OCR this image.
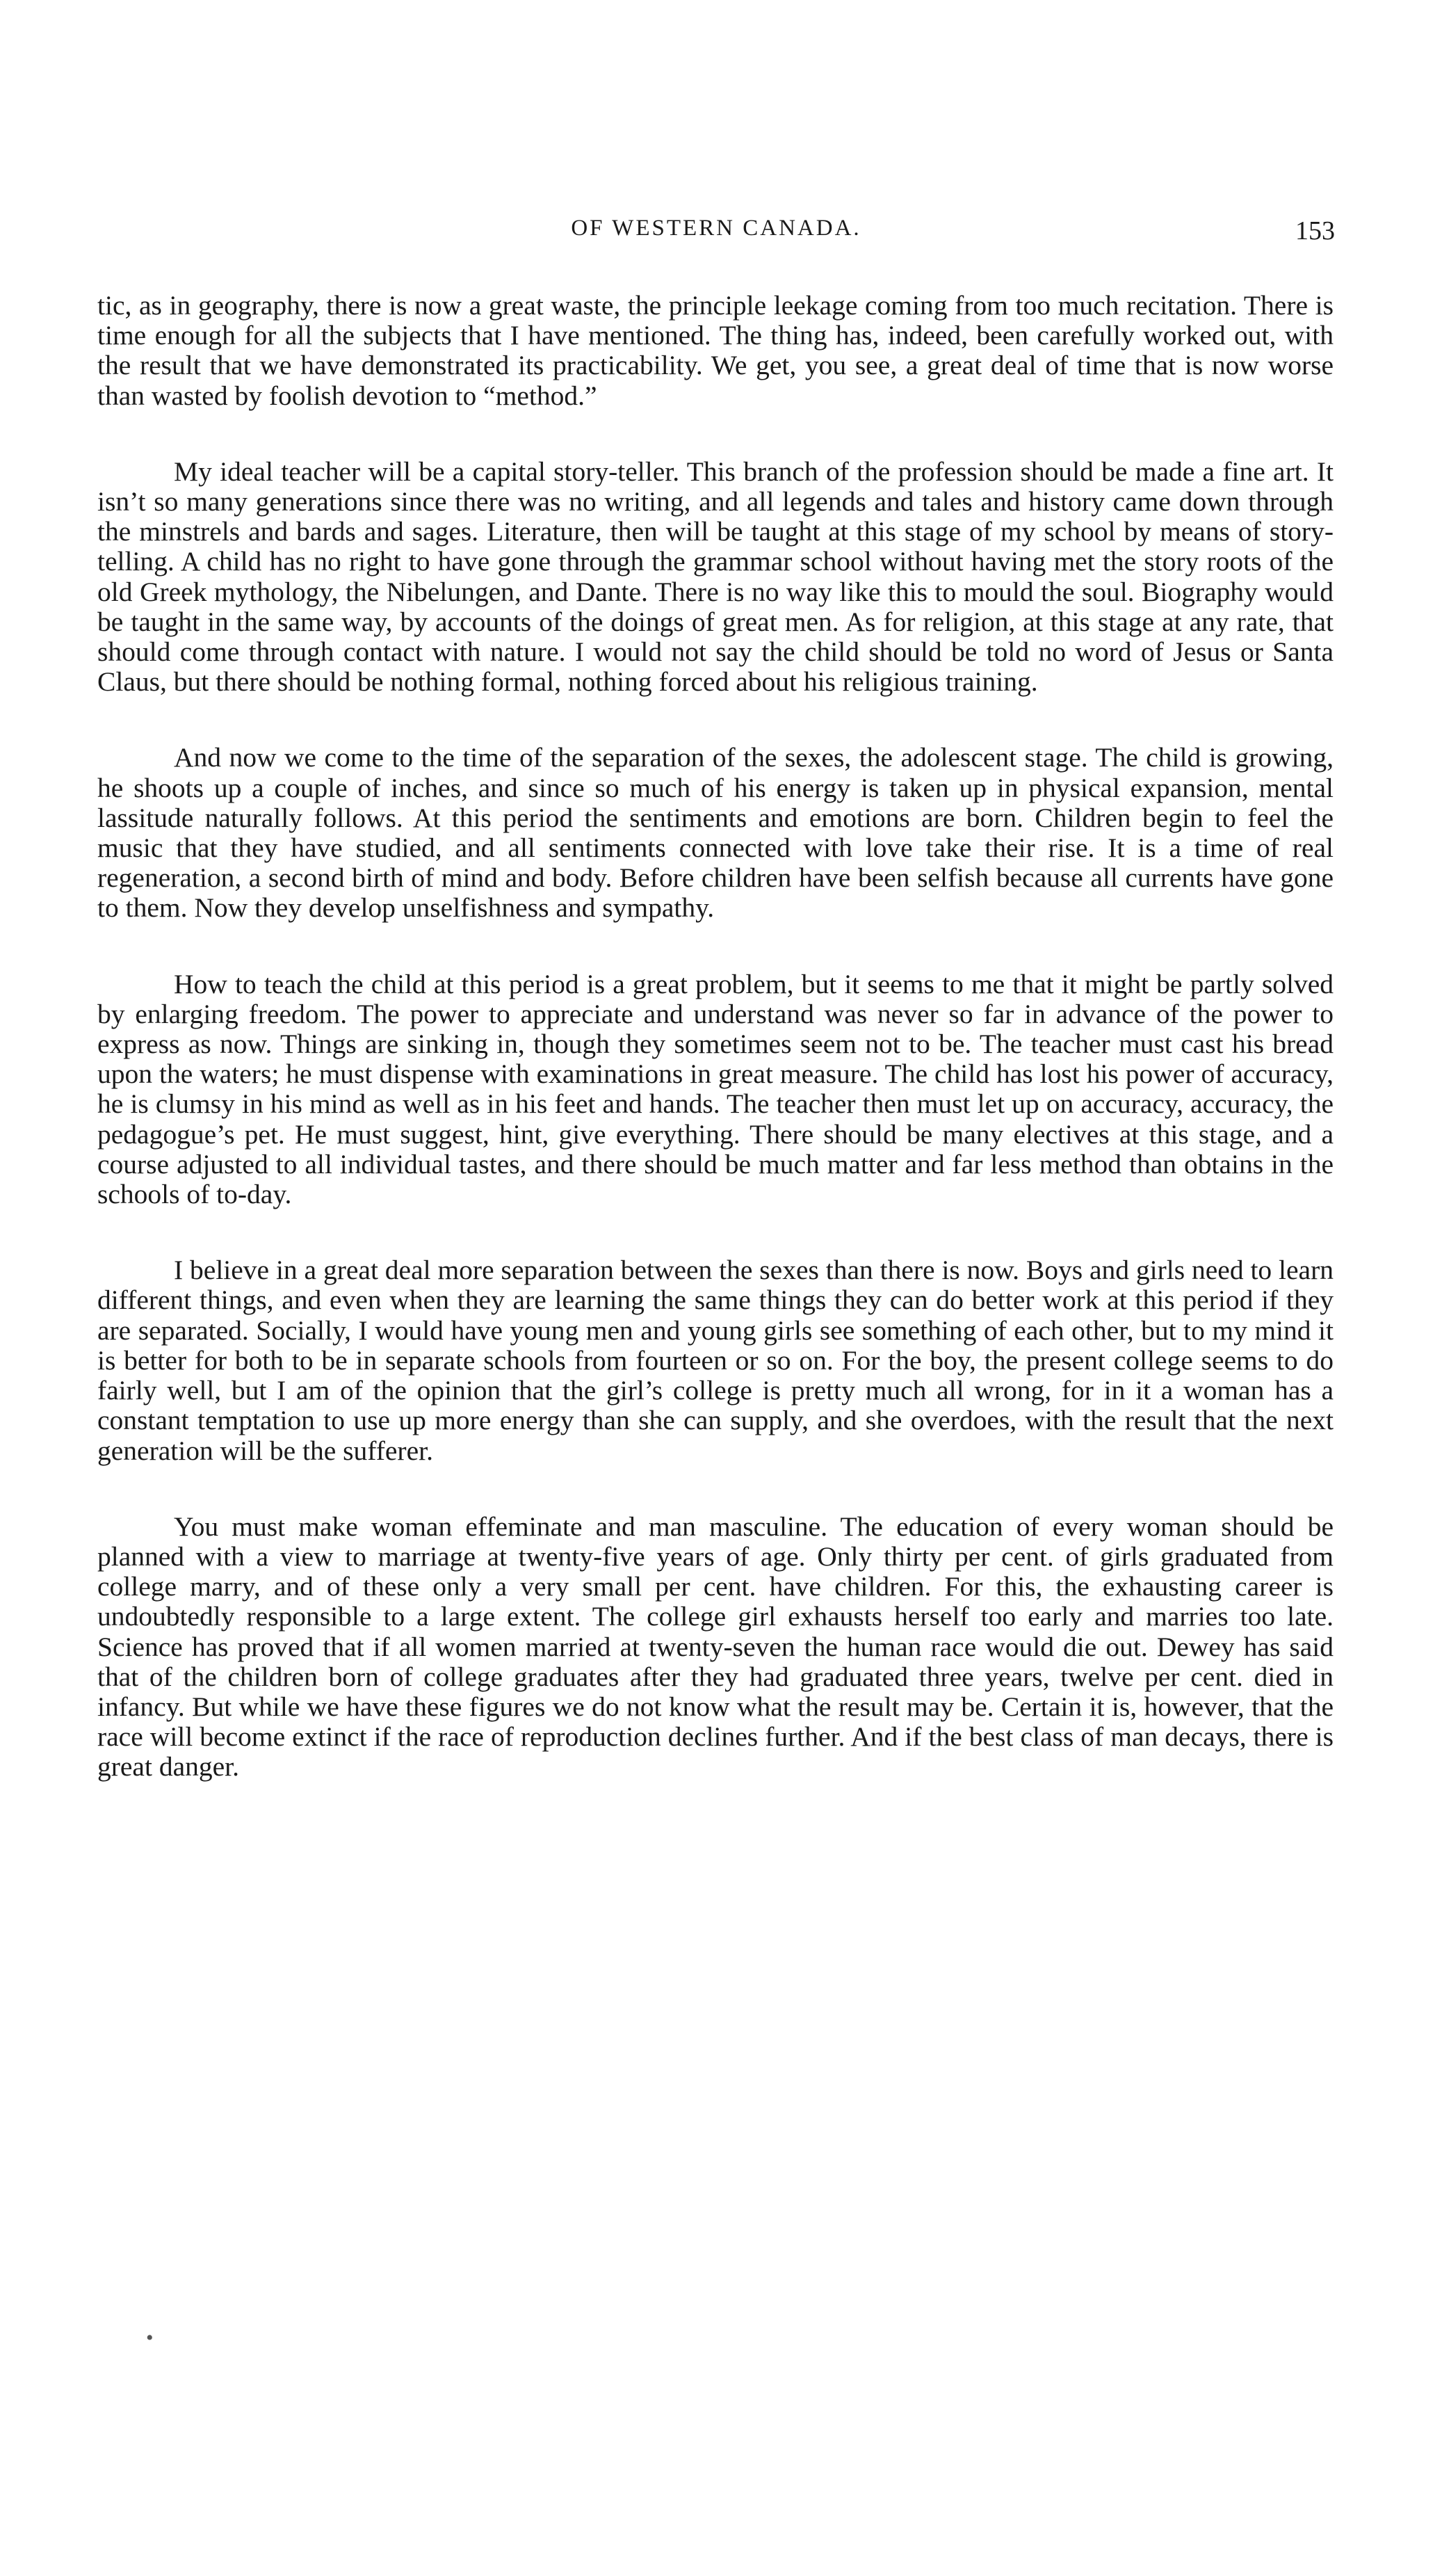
OF WESTERN CANADA.	153

tic, as in geography, there is now a great waste, the principle leekage coming from too much recitation. There is time enough for all the subjects that I have mentioned. The thing has, indeed, been carefully worked out, with the result that we have demonstrated its practicability. We get, you see, a great deal of time that is now worse than wasted by foolish devotion to “method.”

My ideal teacher will be a capital story-teller. This branch of the profession should be made a fine art. It isn’t so many generations since there was no writing, and all legends and tales and history came down through the minstrels and bards and sages. Literature, then will be taught at this stage of my school by means of story-telling. A child has no right to have gone through the grammar school without having met the story roots of the old Greek mythology, the Nibelungen, and Dante. There is no way like this to mould the soul. Biography would be taught in the same way, by accounts of the doings of great men. As for religion, at this stage at any rate, that should come through contact with nature. I would not say the child should be told no word of Jesus or Santa Claus, but there should be nothing formal, nothing forced about his religious training.

And now we come to the time of the separation of the sexes, the adolescent stage. The child is growing, he shoots up a couple of inches, and since so much of his energy is taken up in physical expansion, mental lassitude naturally follows. At this period the sentiments and emotions are born. Children begin to feel the music that they have studied, and all sentiments connected with love take their rise. It is a time of real regeneration, a second birth of mind and body. Before children have been selfish because all currents have gone to them. Now they develop unselfishness and sympathy.

How to teach the child at this period is a great problem, but it seems to me that it might be partly solved by enlarging freedom. The power to appreciate and understand was never so far in advance of the power to express as now. Things are sinking in, though they sometimes seem not to be. The teacher must cast his bread upon the waters; he must dispense with examinations in great measure. The child has lost his power of accuracy, he is clumsy in his mind as well as in his feet and hands. The teacher then must let up on accuracy, accuracy, the pedagogue’s pet. He must suggest, hint, give everything. There should be many electives at this stage, and a course adjusted to all individual tastes, and there should be much matter and far less method than obtains in the schools of to-day.

I believe in a great deal more separation between the sexes than there is now. Boys and girls need to learn different things, and even when they are learning the same things they can do better work at this period if they are separated. Socially, I would have young men and young girls see something of each other, but to my mind it is better for both to be in separate schools from fourteen or so on. For the boy, the present college seems to do fairly well, but I am of the opinion that the girl’s college is pretty much all wrong, for in it a woman has a constant temptation to use up more energy than she can supply, and she overdoes, with the result that the next generation will be the sufferer.

You must make woman effeminate and man masculine. The education of every woman should be planned with a view to marriage at twenty-five years of age. Only thirty per cent. of girls graduated from college marry, and of these only a very small per cent. have children. For this, the exhausting career is undoubtedly responsible to a large extent. The college girl exhausts herself too early and marries too late. Science has proved that if all women married at twenty-seven the human race would die out. Dewey has said that of the children born of college graduates after they had graduated three years, twelve per cent. died in infancy. But while we have these figures we do not know what the result may be. Certain it is, however, that the race will become extinct if the race of reproduction declines further. And if the best class of man decays, there is great danger.

•
